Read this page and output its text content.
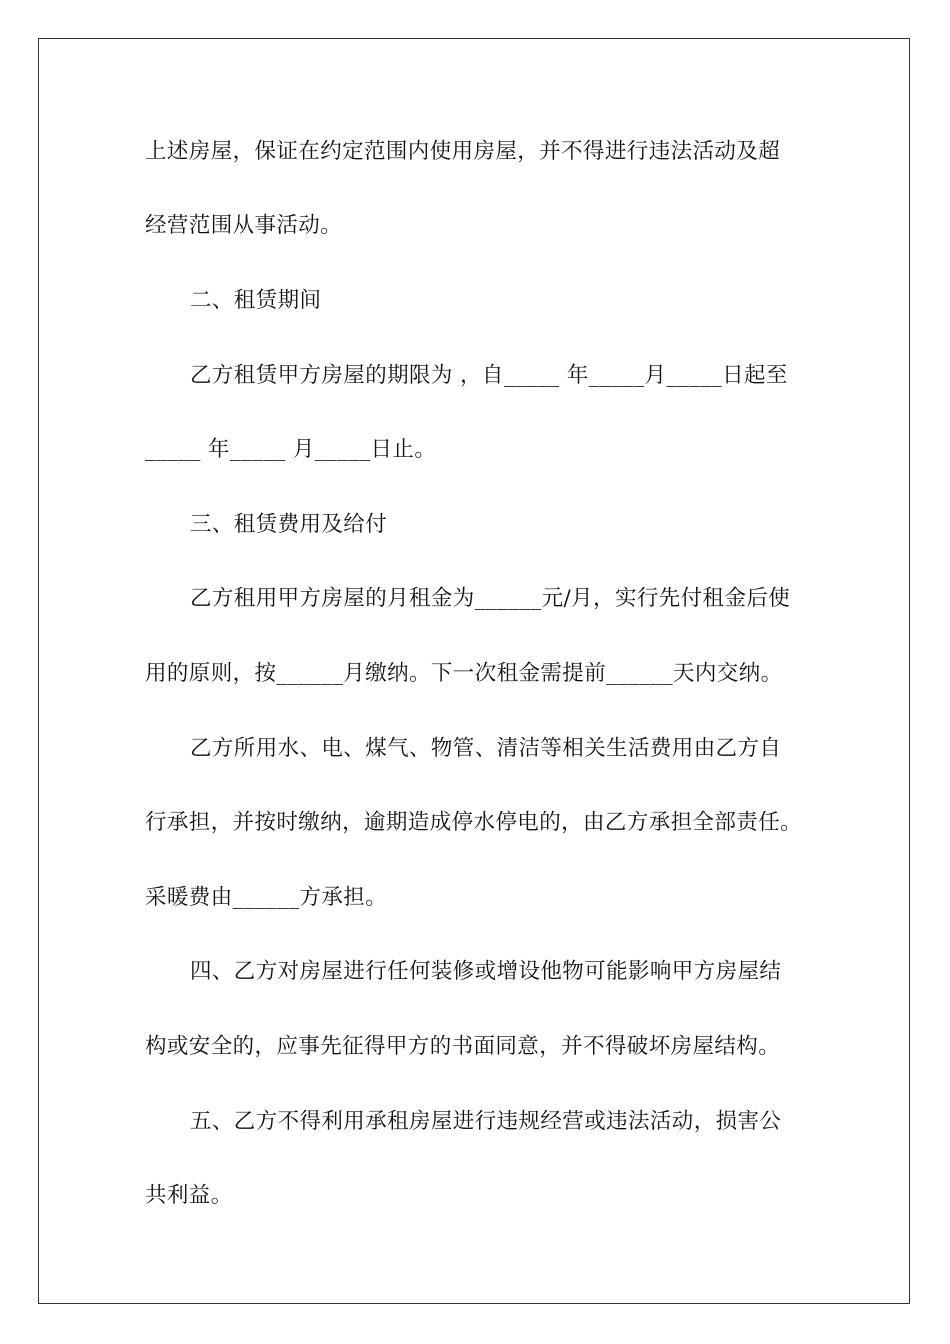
上述房屋，保证在约定范围内使用房屋，并不得进行违法活动及超
经营范围从事活动。
二、租赁期间
乙方租赁甲方房屋的期限为 ，自_____ 年_____月_____日起至
_____ 年_____ 月_____日止。
三、租赁费用及给付
乙方租用甲方房屋的月租金为______元/月，实行先付租金后使
用的原则，按______月缴纳。下一次租金需提前______天内交纳。
乙方所用水、电、煤气、物管、清洁等相关生活费用由乙方自
行承担，并按时缴纳，逾期造成停水停电的，由乙方承担全部责任。
采暖费由______方承担。
四、乙方对房屋进行任何装修或增设他物可能影响甲方房屋结
构或安全的，应事先征得甲方的书面同意，并不得破坏房屋结构。
五、乙方不得利用承租房屋进行违规经营或违法活动，损害公
共利益。
